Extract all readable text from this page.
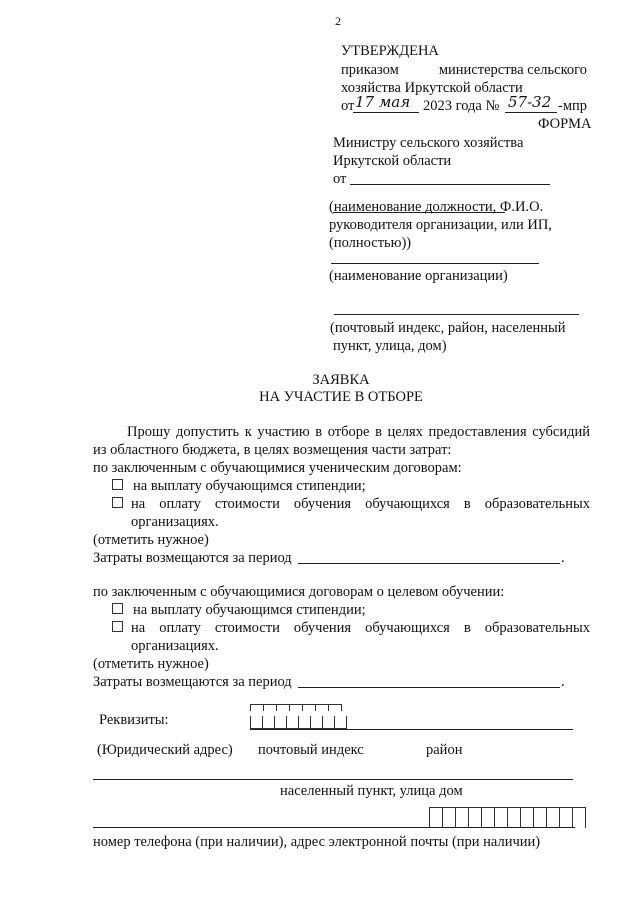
2
УТВЕРЖДЕНА
приказом	министерства сельского
хозяйства Иркутской области
от 17 мая 2023 года № 57-32 -мпр
ФОРМА
Министру сельского хозяйства
Иркутской области
от
(наименование должности, Ф.И.О.
руководителя организации, или ИП,
(полностью))
(наименование организации)
(почтовый индекс, район, населенный
пункт, улица, дом)
ЗАЯВКА
НА УЧАСТИЕ В ОТБОРЕ
Прошу допустить к участию в отборе в целях предоставления субсидий
из областного бюджета, в целях возмещения части затрат:
по заключенным с обучающимися ученическим договорам:
на выплату обучающимся стипендии;
на оплату стоимости обучения обучающихся в образовательных
организациях.
(отметить нужное)
Затраты возмещаются за период	.
по заключенным с обучающимися договорам о целевом обучении:
на выплату обучающимся стипендии;
на оплату стоимости обучения обучающихся в образовательных
организациях.
(отметить нужное)
Затраты возмещаются за период	.
Реквизиты:
(Юридический адрес) почтовый индекс	район
населенный пункт, улица дом
номер телефона (при наличии), адрес электронной почты (при наличии)
